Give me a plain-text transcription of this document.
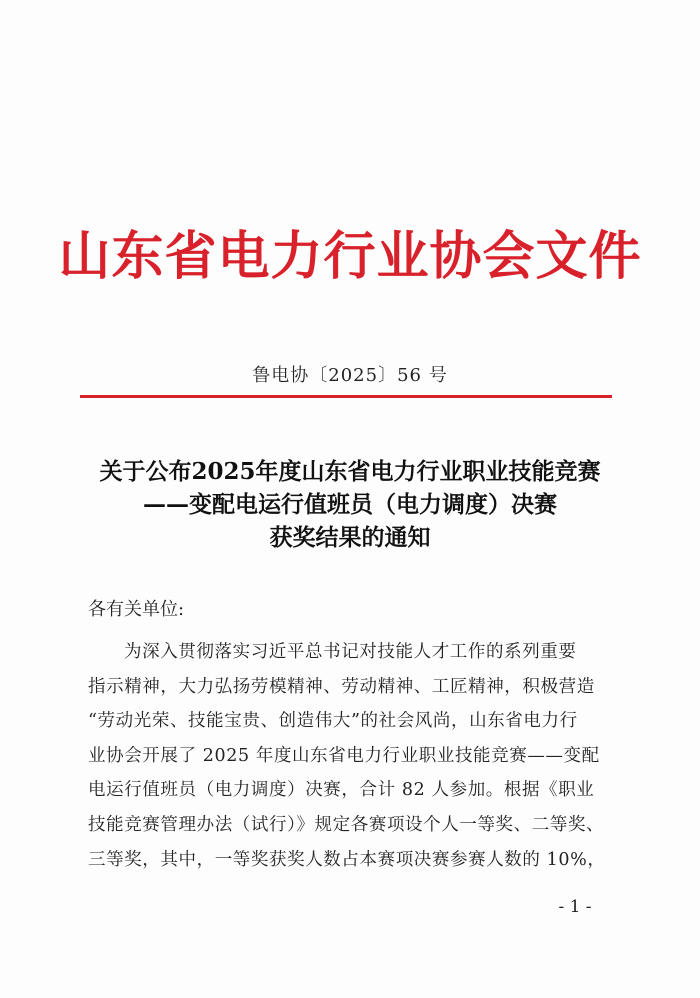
山东省电力行业协会文件
鲁电协〔2025〕56 号
关于公布2025年度山东省电力行业职业技能竞赛
——变配电运行值班员（电力调度）决赛
获奖结果的通知
各有关单位:
为深入贯彻落实习近平总书记对技能人才工作的系列重要
指示精神，大力弘扬劳模精神、劳动精神、工匠精神，积极营造
“劳动光荣、技能宝贵、创造伟大”的社会风尚，山东省电力行
业协会开展了 2025 年度山东省电力行业职业技能竞赛——变配
电运行值班员（电力调度）决赛，合计 82 人参加。根据《职业
技能竞赛管理办法（试行）》规定各赛项设个人一等奖、二等奖、
三等奖，其中，一等奖获奖人数占本赛项决赛参赛人数的 10%，
- 1 -
